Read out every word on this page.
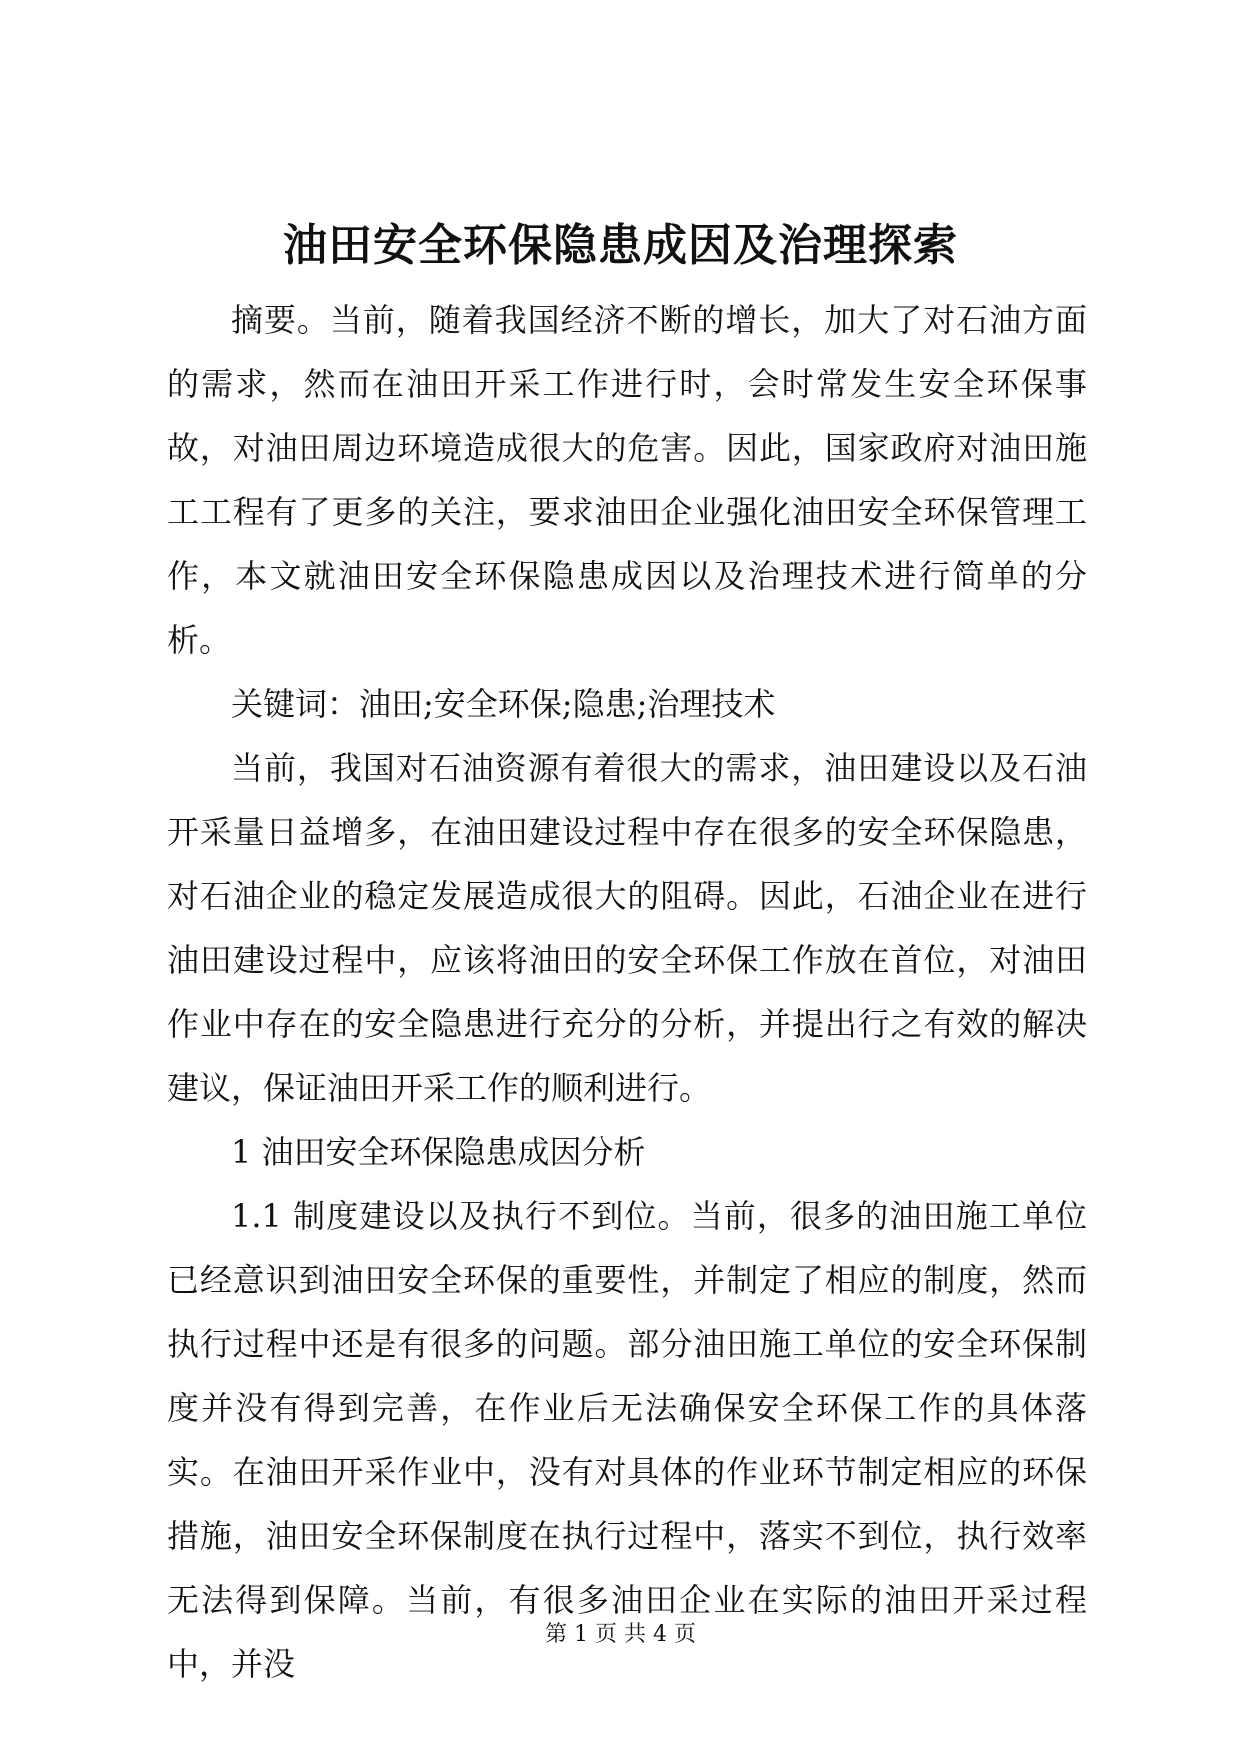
油田安全环保隐患成因及治理探索

摘要。当前，随着我国经济不断的增长，加大了对石油方面的需求，然而在油田开采工作进行时，会时常发生安全环保事故，对油田周边环境造成很大的危害。因此，国家政府对油田施工工程有了更多的关注，要求油田企业强化油田安全环保管理工作，本文就油田安全环保隐患成因以及治理技术进行简单的分析。

关键词：油田;安全环保;隐患;治理技术

当前，我国对石油资源有着很大的需求，油田建设以及石油开采量日益增多，在油田建设过程中存在很多的安全环保隐患，对石油企业的稳定发展造成很大的阻碍。因此，石油企业在进行油田建设过程中，应该将油田的安全环保工作放在首位，对油田作业中存在的安全隐患进行充分的分析，并提出行之有效的解决建议，保证油田开采工作的顺利进行。

1 油田安全环保隐患成因分析

1.1 制度建设以及执行不到位。当前，很多的油田施工单位已经意识到油田安全环保的重要性，并制定了相应的制度，然而执行过程中还是有很多的问题。部分油田施工单位的安全环保制度并没有得到完善，在作业后无法确保安全环保工作的具体落实。在油田开采作业中，没有对具体的作业环节制定相应的环保措施，油田安全环保制度在执行过程中，落实不到位，执行效率无法得到保障。当前，有很多油田企业在实际的油田开采过程中，并没

第 1 页 共 4 页
